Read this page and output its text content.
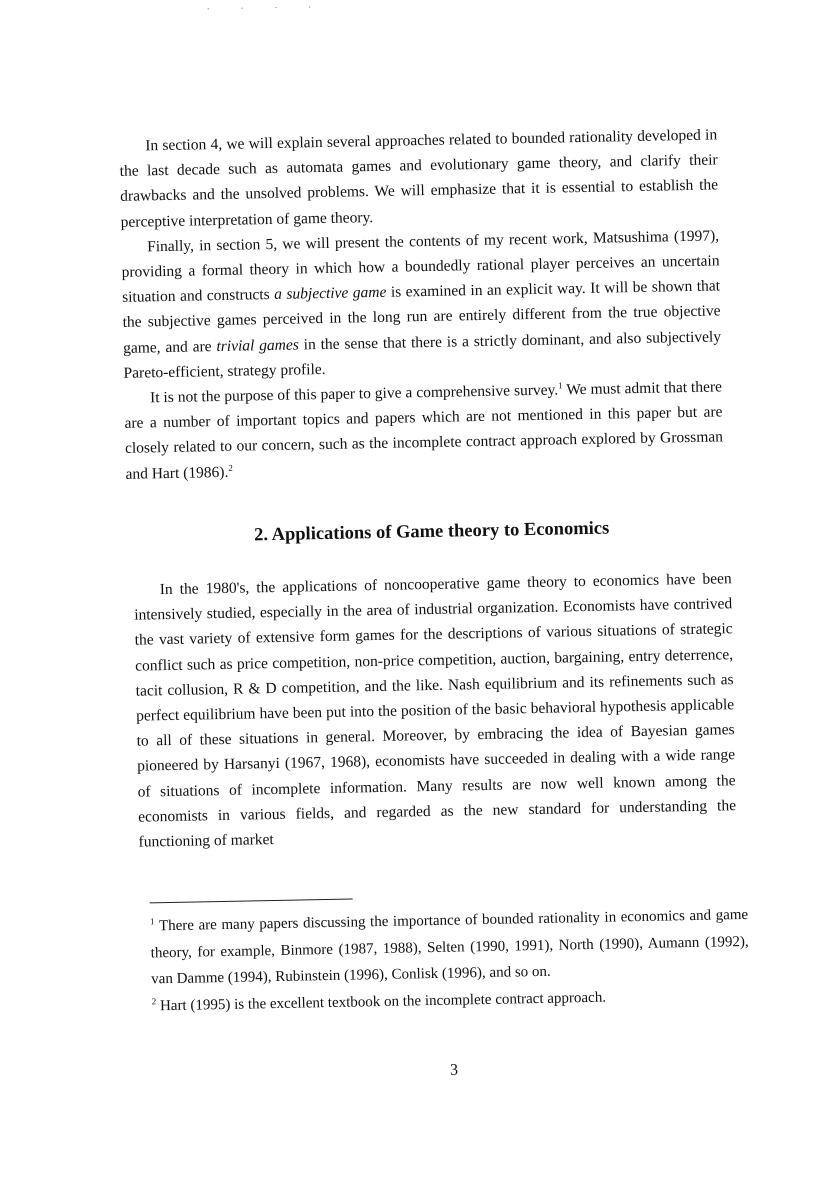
· · · ·

In section 4, we will explain several approaches related to bounded rationality developed in the last decade such as automata games and evolutionary game theory, and clarify their drawbacks and the unsolved problems. We will emphasize that it is essential to establish the perceptive interpretation of game theory.

Finally, in section 5, we will present the contents of my recent work, Matsushima (1997), providing a formal theory in which how a boundedly rational player perceives an uncertain situation and constructs a subjective game is examined in an explicit way. It will be shown that the subjective games perceived in the long run are entirely different from the true objective game, and are trivial games in the sense that there is a strictly dominant, and also subjectively Pareto-efficient, strategy profile.

It is not the purpose of this paper to give a comprehensive survey.$^1$ We must admit that there are a number of important topics and papers which are not mentioned in this paper but are closely related to our concern, such as the incomplete contract approach explored by Grossman and Hart (1986).$^2$

2. Applications of Game theory to Economics

In the 1980's, the applications of noncooperative game theory to economics have been intensively studied, especially in the area of industrial organization. Economists have contrived the vast variety of extensive form games for the descriptions of various situations of strategic conflict such as price competition, non-price competition, auction, bargaining, entry deterrence, tacit collusion, R & D competition, and the like. Nash equilibrium and its refinements such as perfect equilibrium have been put into the position of the basic behavioral hypothesis applicable to all of these situations in general. Moreover, by embracing the idea of Bayesian games pioneered by Harsanyi (1967, 1968), economists have succeeded in dealing with a wide range of situations of incomplete information. Many results are now well known among the economists in various fields, and regarded as the new standard for understanding the functioning of market

$^1$ There are many papers discussing the importance of bounded rationality in economics and game theory, for example, Binmore (1987, 1988), Selten (1990, 1991), North (1990), Aumann (1992), van Damme (1994), Rubinstein (1996), Conlisk (1996), and so on.

$^2$ Hart (1995) is the excellent textbook on the incomplete contract approach.

3
